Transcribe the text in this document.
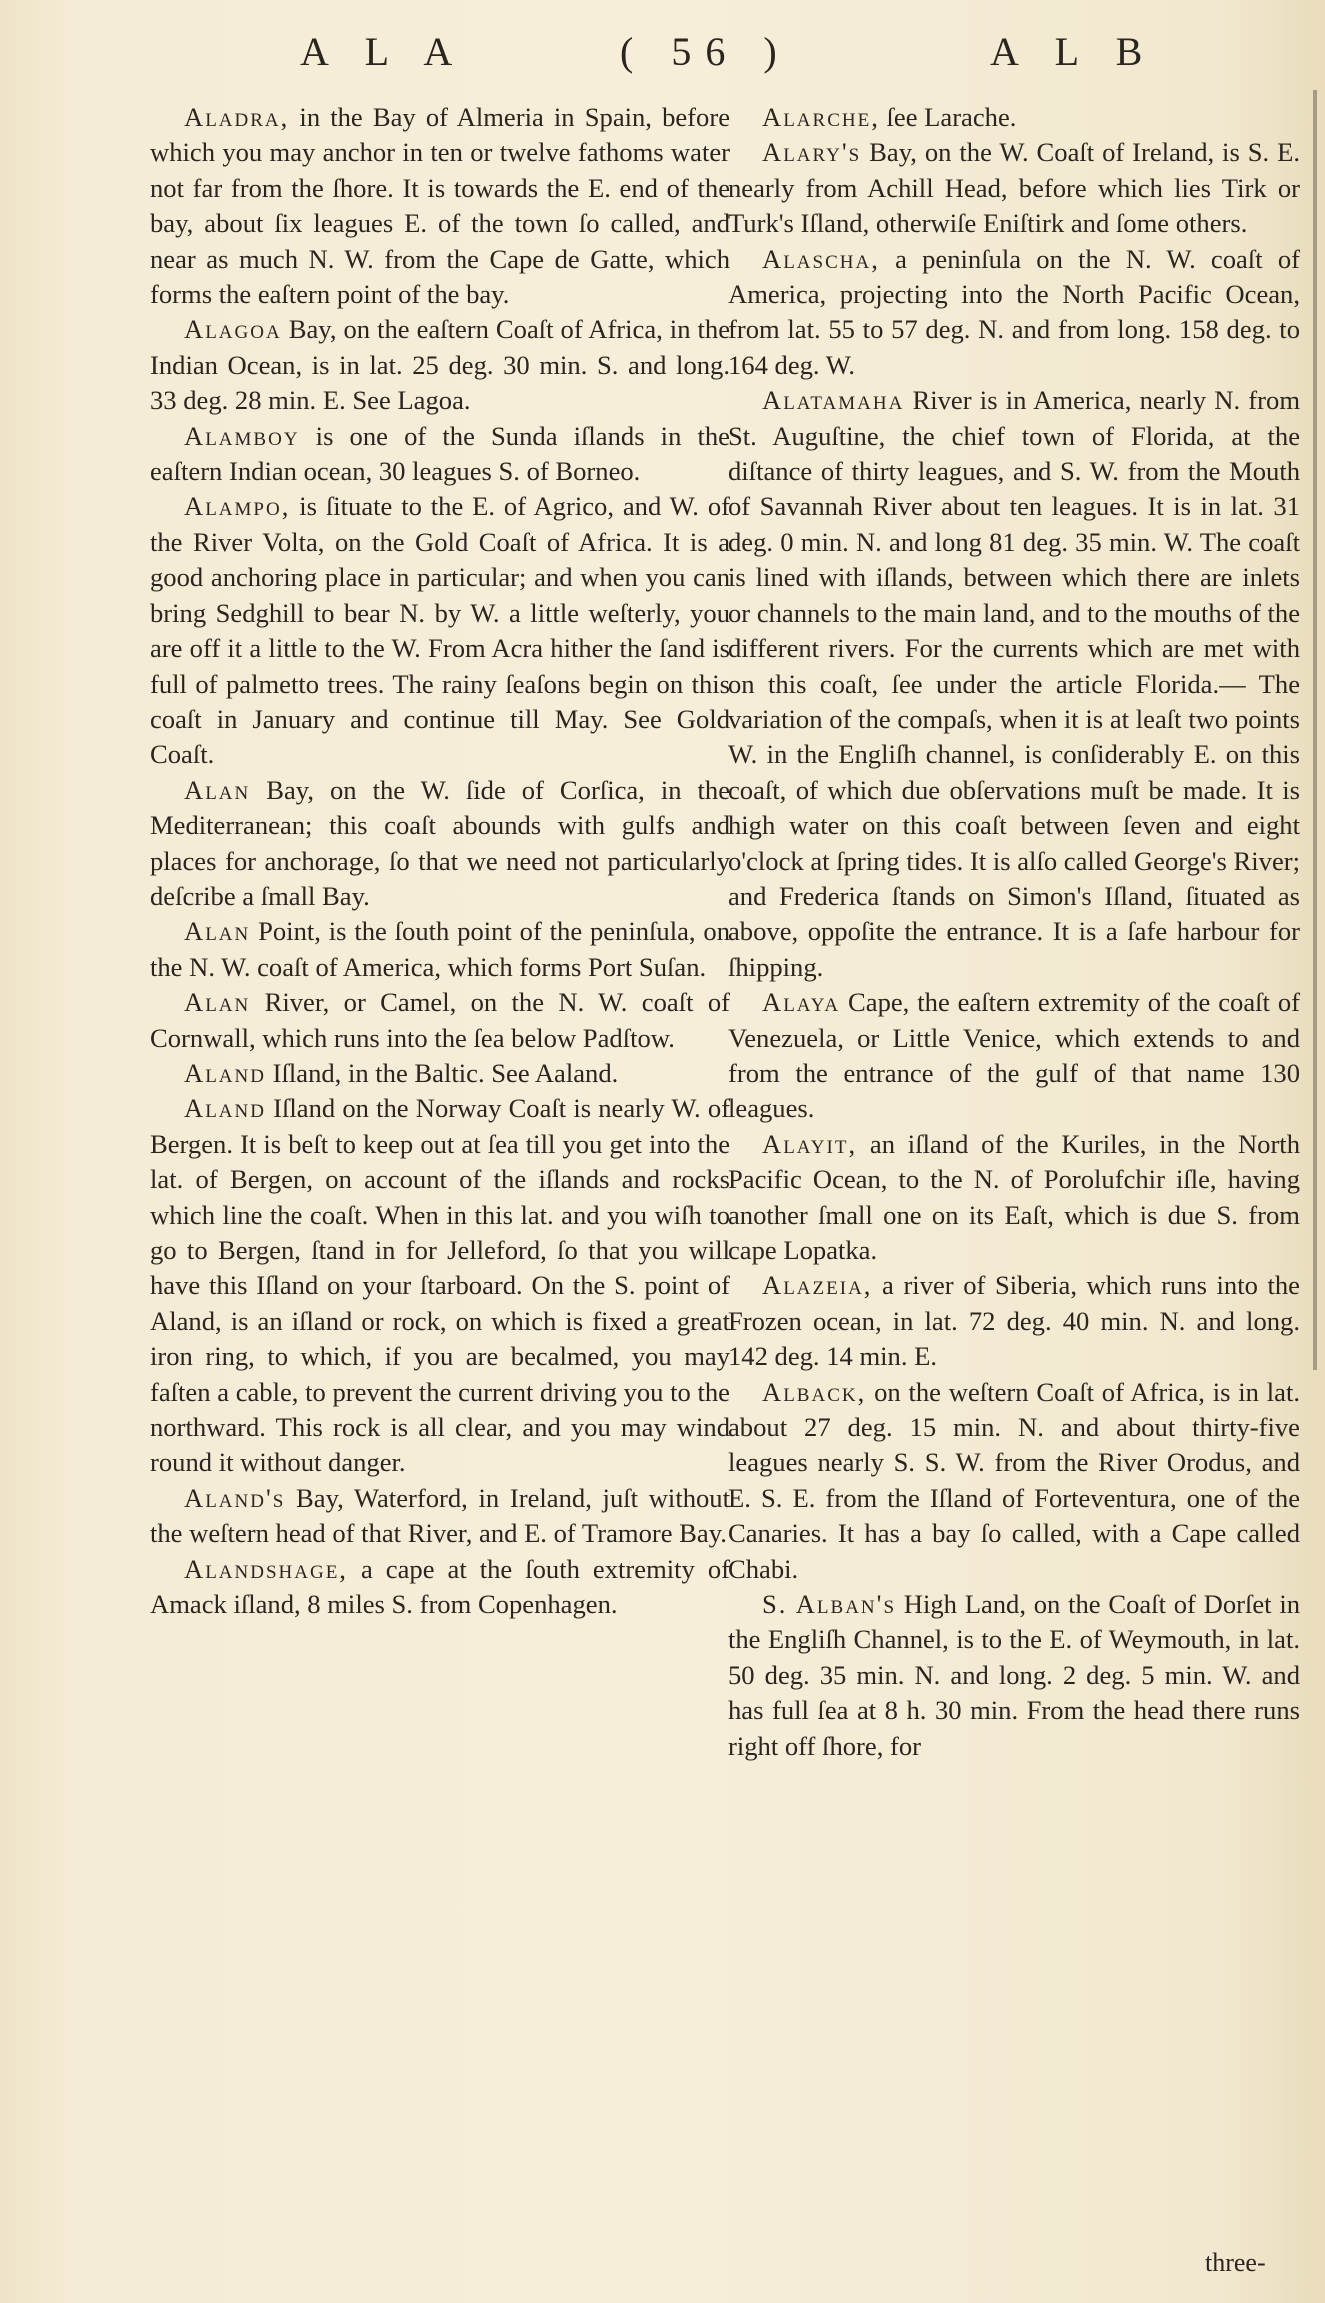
A L A	( 56 )	A L B

Aladra, in the Bay of Almeria in Spain, before which you may anchor in ten or twelve fathoms water not far from the ſhore. It is towards the E. end of the bay, about ſix leagues E. of the town ſo called, and near as much N. W. from the Cape de Gatte, which forms the eaſtern point of the bay.

Alagoa Bay, on the eaſtern Coaſt of Africa, in the Indian Ocean, is in lat. 25 deg. 30 min. S. and long. 33 deg. 28 min. E. See Lagoa.

Alamboy is one of the Sunda iſlands in the eaſtern Indian ocean, 30 leagues S. of Borneo.

Alampo, is ſituate to the E. of Agrico, and W. of the River Volta, on the Gold Coaſt of Africa. It is a good anchoring place in particular; and when you can bring Sedghill to bear N. by W. a little weſterly, you are off it a little to the W. From Acra hither the ſand is full of palmetto trees. The rainy ſeaſons begin on this coaſt in January and continue till May. See Gold Coaſt.

Alan Bay, on the W. ſide of Corſica, in the Mediterranean; this coaſt abounds with gulfs and places for anchorage, ſo that we need not particularly deſcribe a ſmall Bay.

Alan Point, is the ſouth point of the peninſula, on the N. W. coaſt of America, which forms Port Suſan.

Alan River, or Camel, on the N. W. coaſt of Cornwall, which runs into the ſea below Padſtow.

Aland Iſland, in the Baltic. See Aaland.

Aland Iſland on the Norway Coaſt is nearly W. of Bergen. It is beſt to keep out at ſea till you get into the lat. of Bergen, on account of the iſlands and rocks which line the coaſt. When in this lat. and you wiſh to go to Bergen, ſtand in for Jelleford, ſo that you will have this Iſland on your ſtarboard. On the S. point of Aland, is an iſland or rock, on which is fixed a great iron ring, to which, if you are becalmed, you may faſten a cable, to prevent the current driving you to the northward. This rock is all clear, and you may wind round it without danger.

Aland's Bay, Waterford, in Ireland, juſt without the weſtern head of that River, and E. of Tramore Bay.

Alandshage, a cape at the ſouth extremity of Amack iſland, 8 miles S. from Copenhagen.

Alarche, ſee Larache.

Alary's Bay, on the W. Coaſt of Ireland, is S. E. nearly from Achill Head, before which lies Tirk or Turk's Iſland, otherwiſe Eniſtirk and ſome others.

Alascha, a peninſula on the N. W. coaſt of America, projecting into the North Pacific Ocean, from lat. 55 to 57 deg. N. and from long. 158 deg. to 164 deg. W.

Alatamaha River is in America, nearly N. from St. Auguſtine, the chief town of Florida, at the diſtance of thirty leagues, and S. W. from the Mouth of Savannah River about ten leagues. It is in lat. 31 deg. 0 min. N. and long 81 deg. 35 min. W. The coaſt is lined with iſlands, between which there are inlets or channels to the main land, and to the mouths of the different rivers. For the currents which are met with on this coaſt, ſee under the article Florida.— The variation of the compaſs, when it is at leaſt two points W. in the Engliſh channel, is conſiderably E. on this coaſt, of which due obſervations muſt be made. It is high water on this coaſt between ſeven and eight o'clock at ſpring tides. It is alſo called George's River; and Frederica ſtands on Simon's Iſland, ſituated as above, oppoſite the entrance. It is a ſafe harbour for ſhipping.

Alaya Cape, the eaſtern extremity of the coaſt of Venezuela, or Little Venice, which extends to and from the entrance of the gulf of that name 130 leagues.

Alayit, an iſland of the Kuriles, in the North Pacific Ocean, to the N. of Porolufchir iſle, having another ſmall one on its Eaſt, which is due S. from cape Lopatka.

Alazeia, a river of Siberia, which runs into the Frozen ocean, in lat. 72 deg. 40 min. N. and long. 142 deg. 14 min. E.

Alback, on the weſtern Coaſt of Africa, is in lat. about 27 deg. 15 min. N. and about thirty-five leagues nearly S. S. W. from the River Orodus, and E. S. E. from the Iſland of Forteventura, one of the Canaries. It has a bay ſo called, with a Cape called Chabi.

S. Alban's High Land, on the Coaſt of Dorſet in the Engliſh Channel, is to the E. of Weymouth, in lat. 50 deg. 35 min. N. and long. 2 deg. 5 min. W. and has full ſea at 8 h. 30 min. From the head there runs right off ſhore, for

three-
